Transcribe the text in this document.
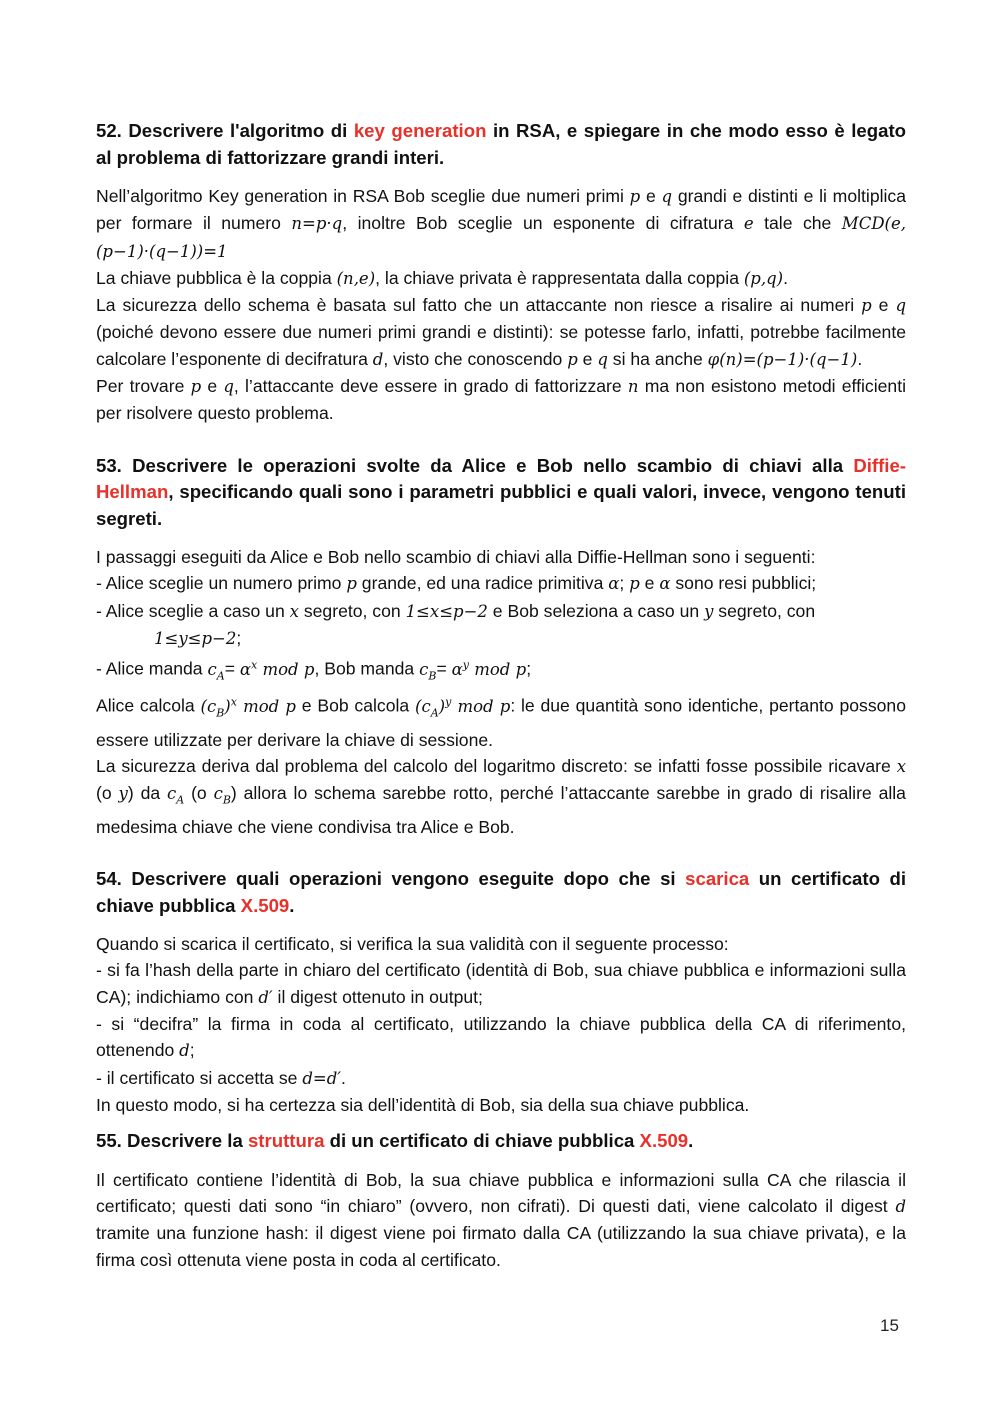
52. Descrivere l'algoritmo di key generation in RSA, e spiegare in che modo esso è legato al problema di fattorizzare grandi interi.

Nell’algoritmo Key generation in RSA Bob sceglie due numeri primi p e q grandi e distinti e li moltiplica per formare il numero n=p·q, inoltre Bob sceglie un esponente di cifratura e tale che MCD(e, (p−1)·(q−1))=1

La chiave pubblica è la coppia (n,e), la chiave privata è rappresentata dalla coppia (p,q).

La sicurezza dello schema è basata sul fatto che un attaccante non riesce a risalire ai numeri p e q (poiché devono essere due numeri primi grandi e distinti): se potesse farlo, infatti, potrebbe facilmente calcolare l’esponente di decifratura d, visto che conoscendo p e q si ha anche φ(n)=(p−1)·(q−1).

Per trovare p e q, l’attaccante deve essere in grado di fattorizzare n ma non esistono metodi efficienti per risolvere questo problema.

53. Descrivere le operazioni svolte da Alice e Bob nello scambio di chiavi alla Diffie-Hellman, specificando quali sono i parametri pubblici e quali valori, invece, vengono tenuti segreti.

I passaggi eseguiti da Alice e Bob nello scambio di chiavi alla Diffie-Hellman sono i seguenti:

- Alice sceglie un numero primo p grande, ed una radice primitiva α; p e α sono resi pubblici;

- Alice sceglie a caso un x segreto, con 1≤x≤p−2 e Bob seleziona a caso un y segreto, con

1≤y≤p−2;

- Alice manda $c_A= \alpha^x$ mod p, Bob manda $c_B= \alpha^y$ mod p;

Alice calcola $(c_B)^x$ mod p e Bob calcola $(c_A)^y$ mod p: le due quantità sono identiche, pertanto possono essere utilizzate per derivare la chiave di sessione.

La sicurezza deriva dal problema del calcolo del logaritmo discreto: se infatti fosse possibile ricavare x (o y) da $c_A$ (o $c_B$) allora lo schema sarebbe rotto, perché l’attaccante sarebbe in grado di risalire alla medesima chiave che viene condivisa tra Alice e Bob.

54. Descrivere quali operazioni vengono eseguite dopo che si scarica un certificato di chiave pubblica X.509.

Quando si scarica il certificato, si verifica la sua validità con il seguente processo:

- si fa l’hash della parte in chiaro del certificato (identità di Bob, sua chiave pubblica e informazioni sulla CA); indichiamo con d′ il digest ottenuto in output;

- si “decifra” la firma in coda al certificato, utilizzando la chiave pubblica della CA di riferimento, ottenendo d;

- il certificato si accetta se d=d′.

In questo modo, si ha certezza sia dell’identità di Bob, sia della sua chiave pubblica.

55. Descrivere la struttura di un certificato di chiave pubblica X.509.

Il certificato contiene l’identità di Bob, la sua chiave pubblica e informazioni sulla CA che rilascia il certificato; questi dati sono “in chiaro” (ovvero, non cifrati). Di questi dati, viene calcolato il digest d tramite una funzione hash: il digest viene poi firmato dalla CA (utilizzando la sua chiave privata), e la firma così ottenuta viene posta in coda al certificato.

15
